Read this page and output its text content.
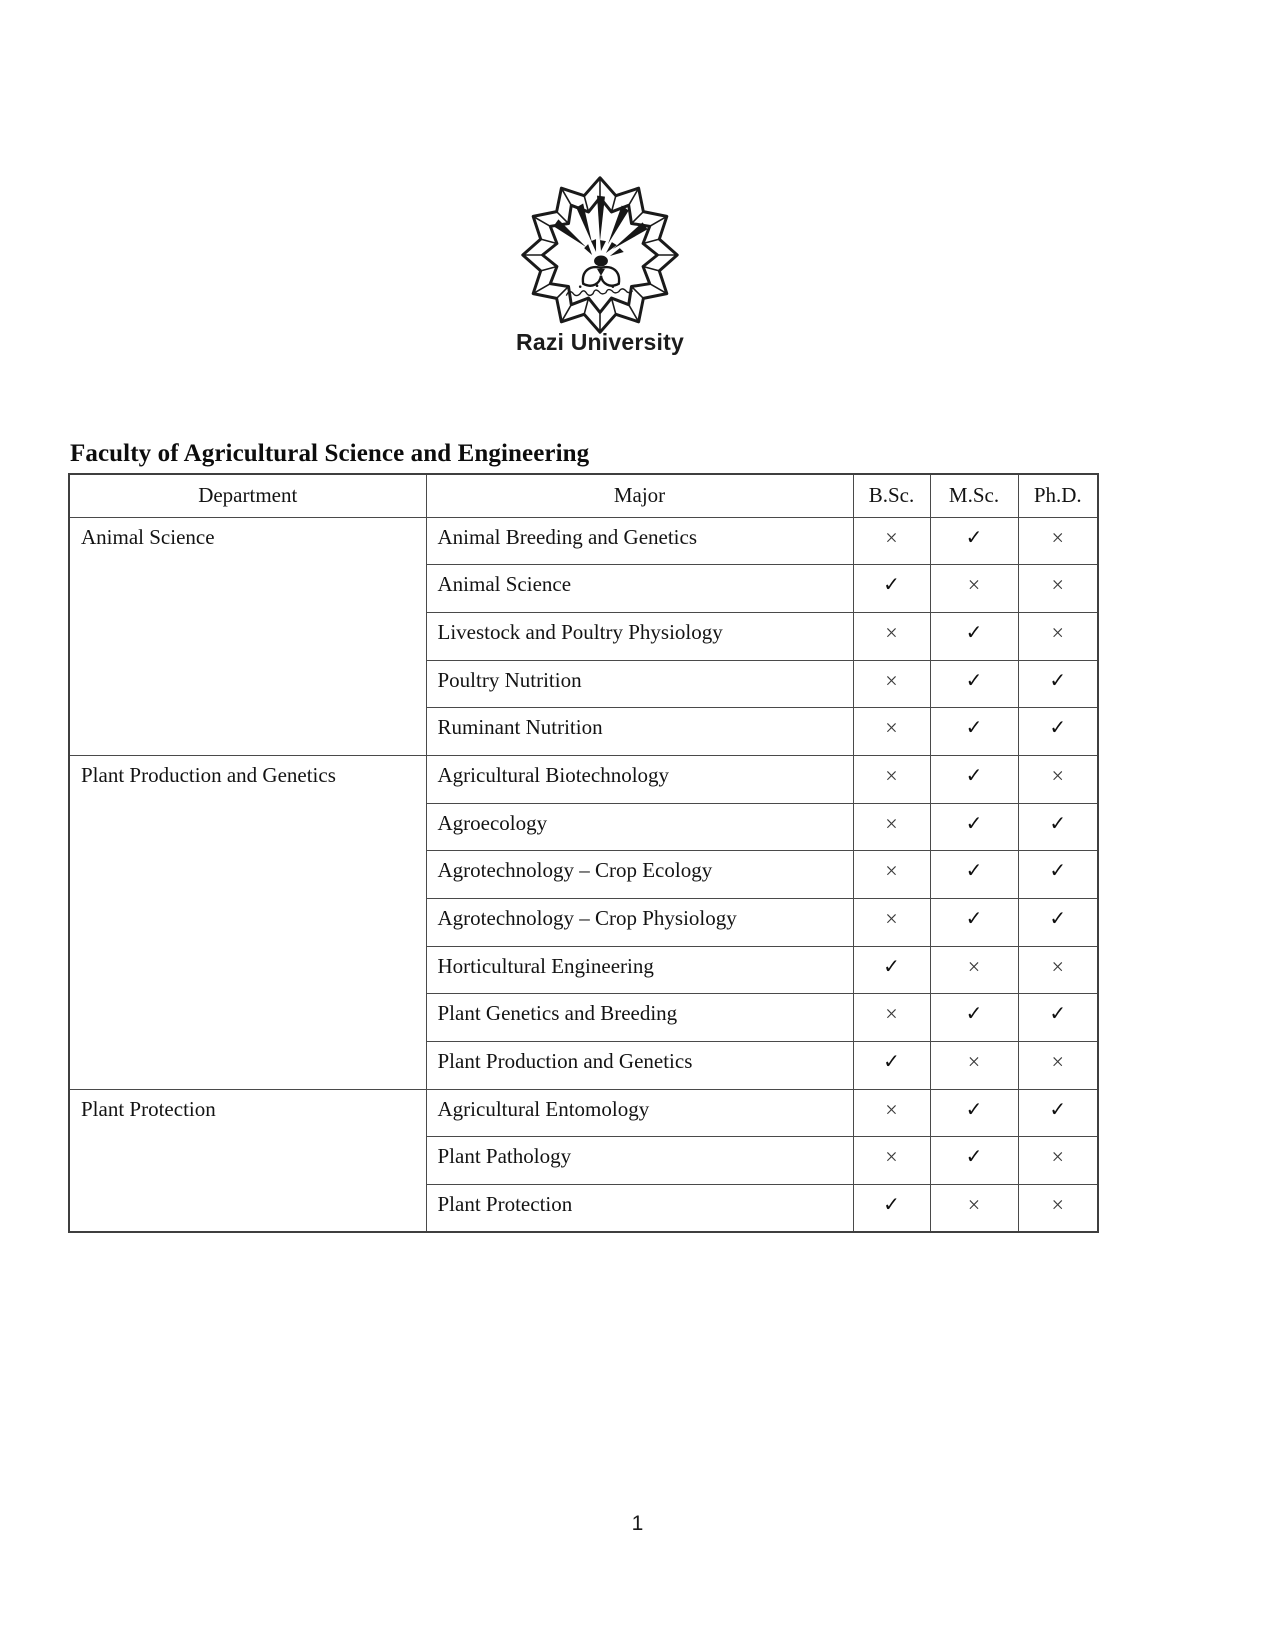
Razi University
Faculty of Agricultural Science and Engineering
Department	Major	B.Sc.	M.Sc.	Ph.D.
Animal Science	Animal Breeding and Genetics	×	✓	×
	Animal Science	✓	×	×
	Livestock and Poultry Physiology	×	✓	×
	Poultry Nutrition	×	✓	✓
	Ruminant Nutrition	×	✓	✓
Plant Production and Genetics	Agricultural Biotechnology	×	✓	×
	Agroecology	×	✓	✓
	Agrotechnology – Crop Ecology	×	✓	✓
	Agrotechnology – Crop Physiology	×	✓	✓
	Horticultural Engineering	✓	×	×
	Plant Genetics and Breeding	×	✓	✓
	Plant Production and Genetics	✓	×	×
Plant Protection	Agricultural Entomology	×	✓	✓
	Plant Pathology	×	✓	×
	Plant Protection	✓	×	×
1
